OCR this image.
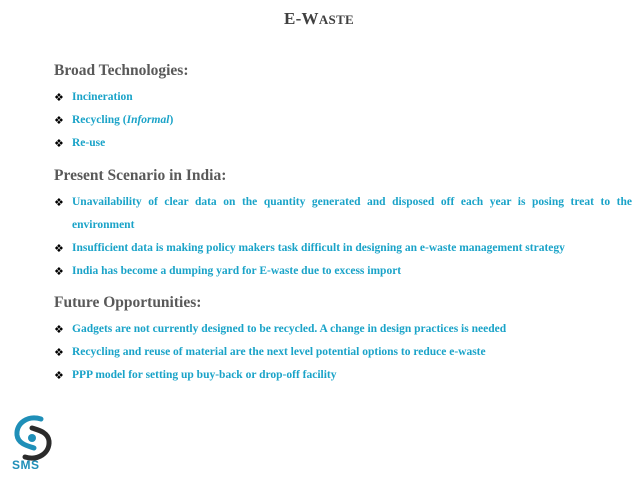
E-WASTE
Broad Technologies:
❖ Incineration
❖ Recycling (Informal)
❖ Re-use
Present Scenario in India:
❖ Unavailability of clear data on the quantity generated and disposed off each year is posing treat to the environment
❖ Insufficient data is making policy makers task difficult in designing an e-waste management strategy
❖ India has become a dumping yard for E-waste due to excess import
Future Opportunities:
❖ Gadgets are not currently designed to be recycled. A change in design practices is needed
❖ Recycling and reuse of material are the next level potential options to reduce e-waste
❖ PPP model for setting up buy-back or drop-off facility
SMS
